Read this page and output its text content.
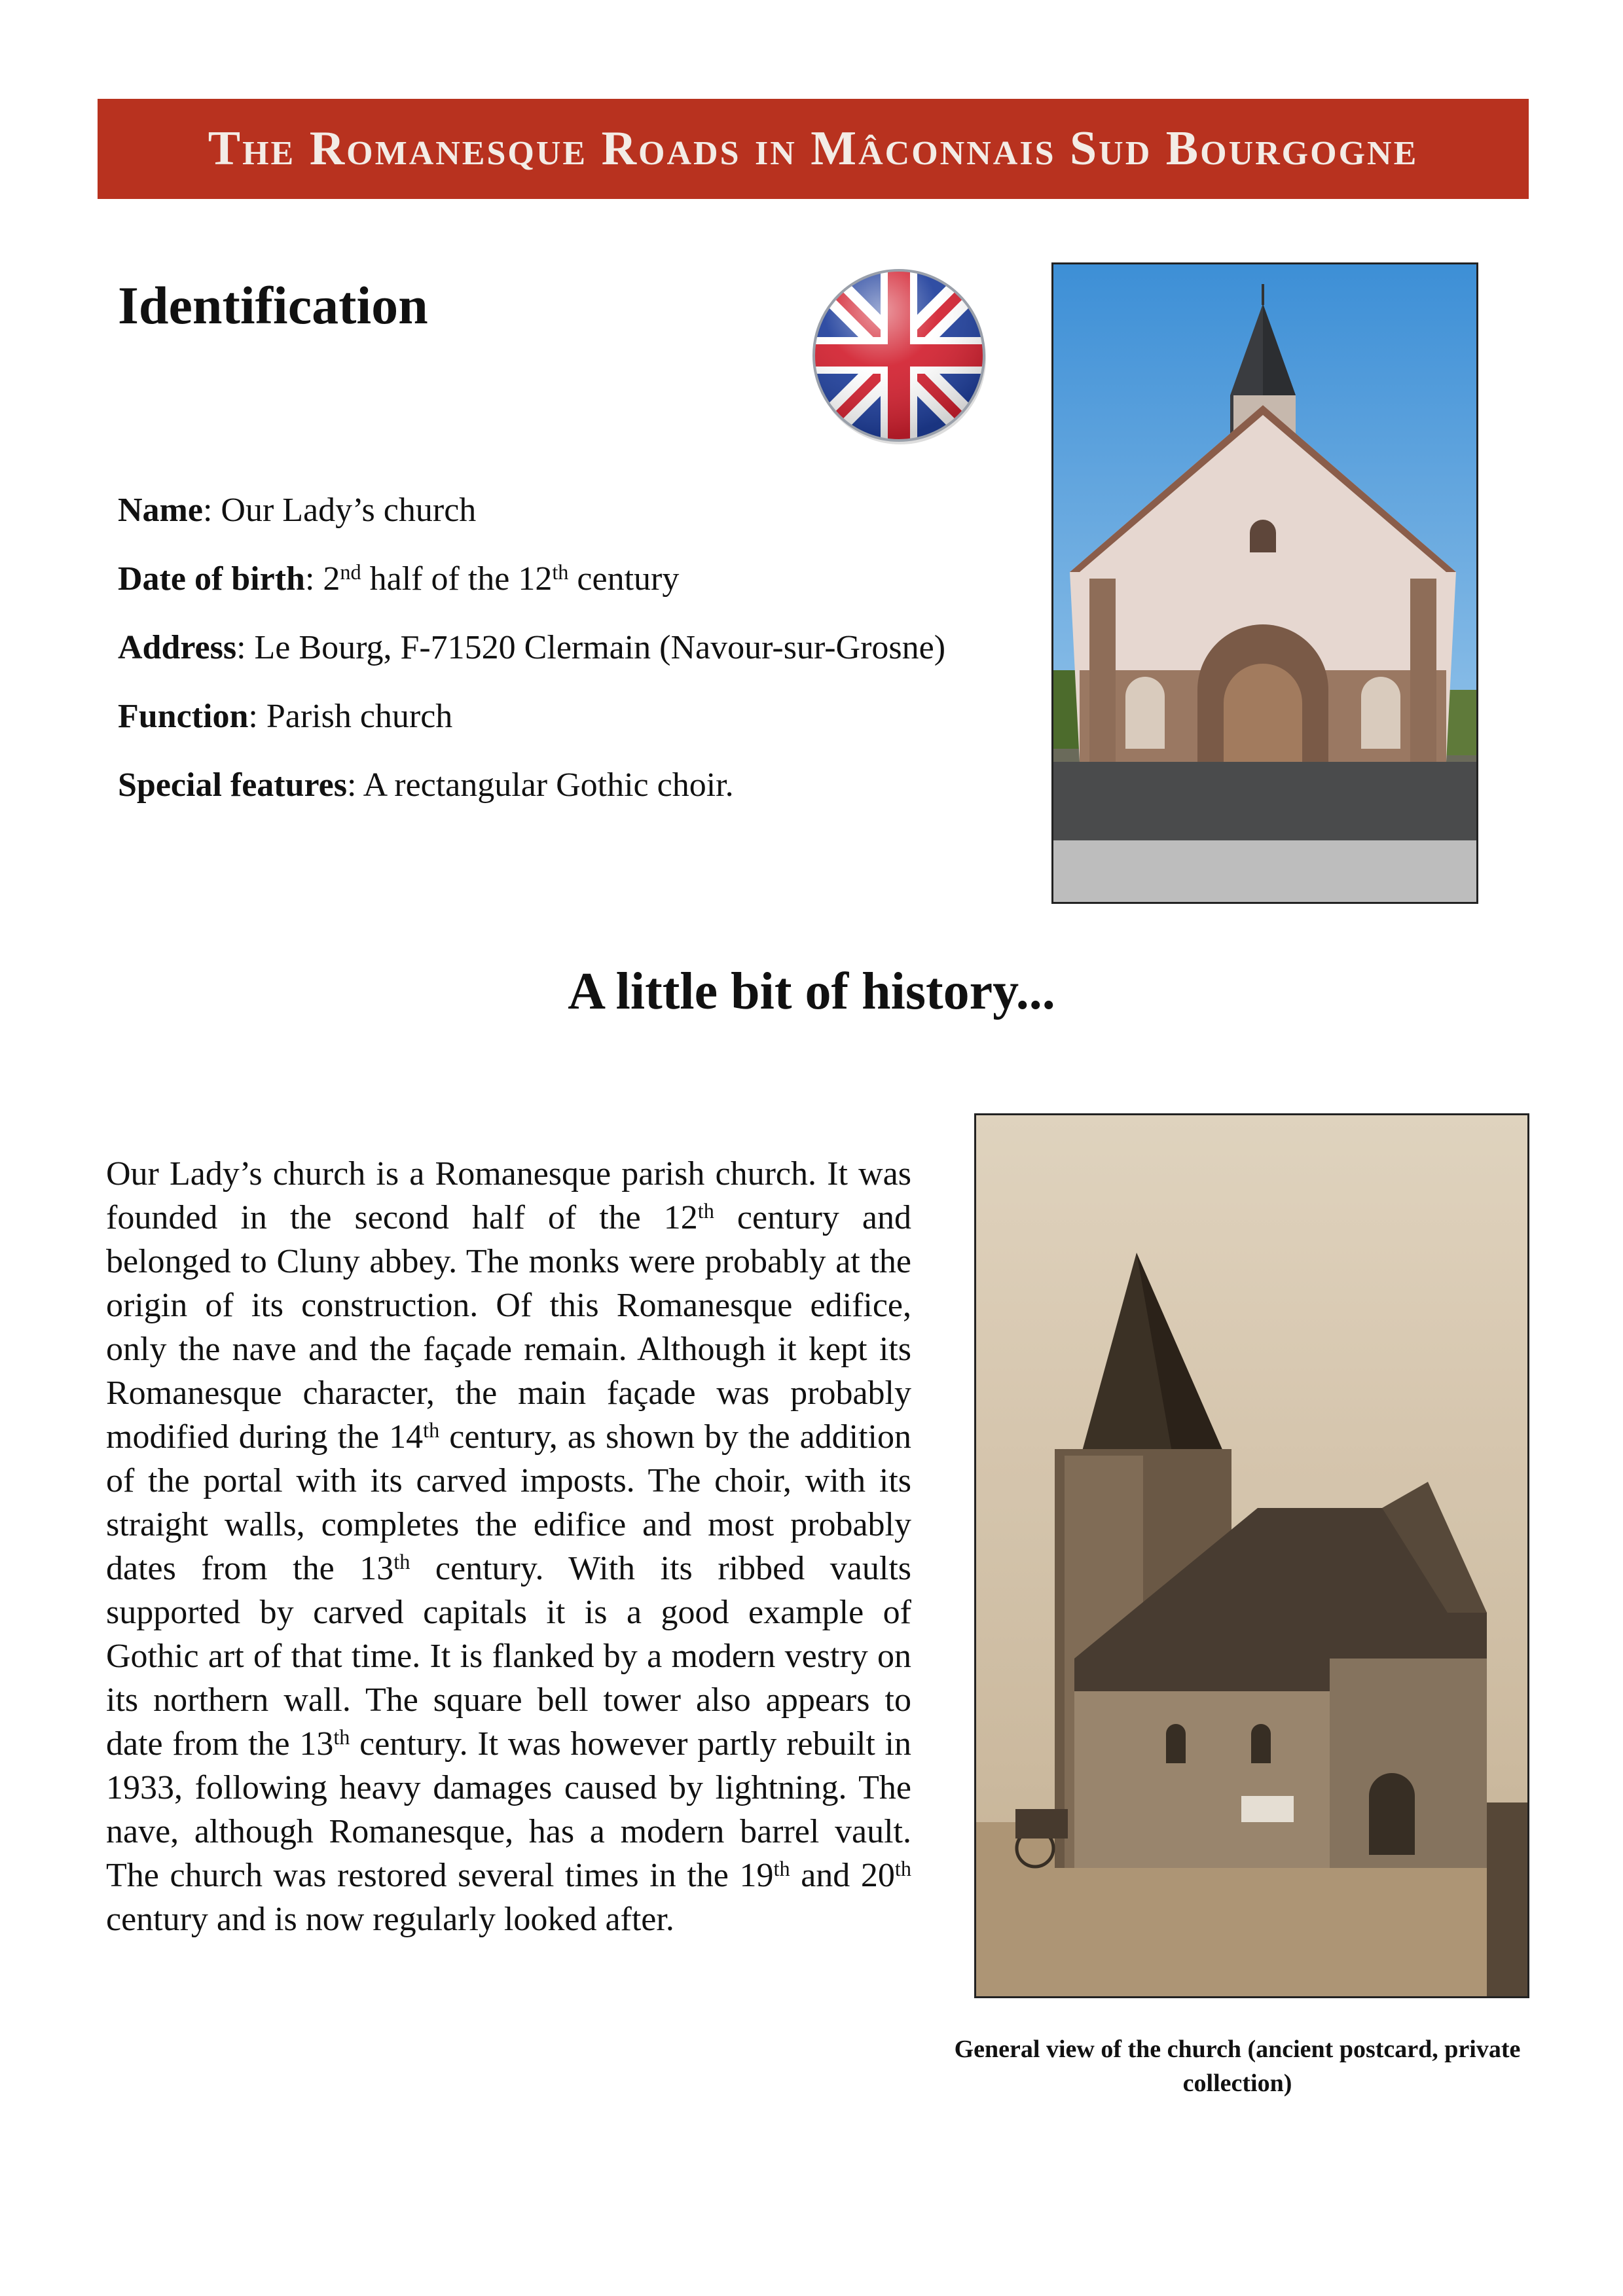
The Romanesque Roads in Mâconnais Sud Bourgogne
Identification

Name: Our Lady’s church

Date of birth: 2nd half of the 12th century

Address: Le Bourg, F-71520 Clermain (Navour-sur-Grosne)

Function: Parish church

Special features: A rectangular Gothic choir.

A little bit of history...

Our Lady’s church is a Romanesque parish church. It was founded in the second half of the 12th century and belonged to Cluny abbey. The monks were probably at the origin of its construction. Of this Romanesque edifice, only the nave and the façade remain. Although it kept its Romanesque character, the main façade was probably modified during the 14th century, as shown by the addition of the portal with its carved imposts. The choir, with its straight walls, completes the edifice and most probably dates from the 13th century. With its ribbed vaults supported by carved capitals it is a good example of Gothic art of that time. It is flanked by a modern vestry on its northern wall. The square bell tower also appears to date from the 13th century. It was however partly rebuilt in 1933, following heavy damages caused by lightning. The nave, although Romanesque, has a modern barrel vault. The church was restored several times in the 19th and 20th century and is now regularly looked after.

General view of the church (ancient postcard, private collection)
